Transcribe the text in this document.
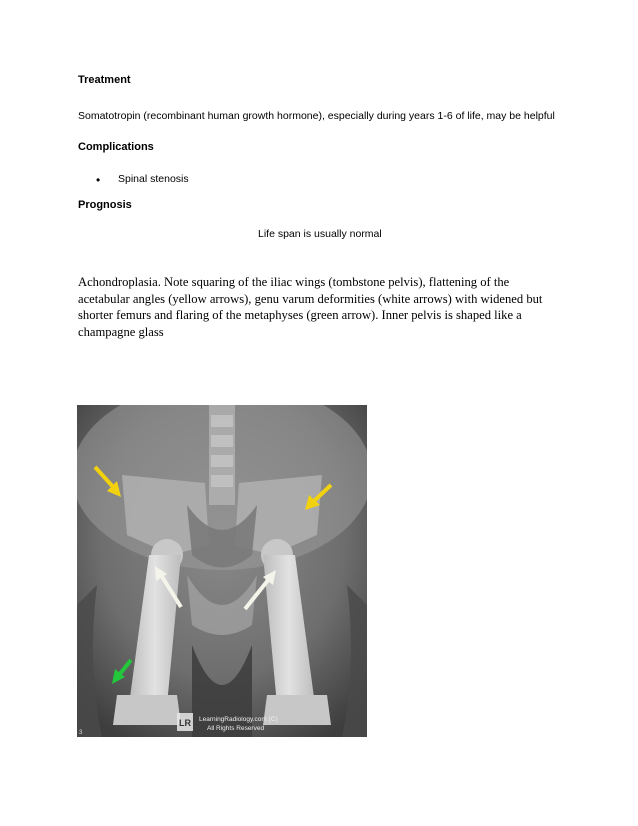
Treatment

Somatotropin (recombinant human growth hormone), especially during years 1-6 of life, may be helpful

Complications
• Spinal stenosis
Prognosis

Life span is usually normal

Achondroplasia. Note squaring of the iliac wings (tombstone pelvis), flattening of the acetabular angles (yellow arrows), genu varum deformities (white arrows) with widened but shorter femurs and flaring of the metaphyses (green arrow). Inner pelvis is shaped like a champagne glass

LR LearningRadiology.com (C)
All Rights Reserved
3
